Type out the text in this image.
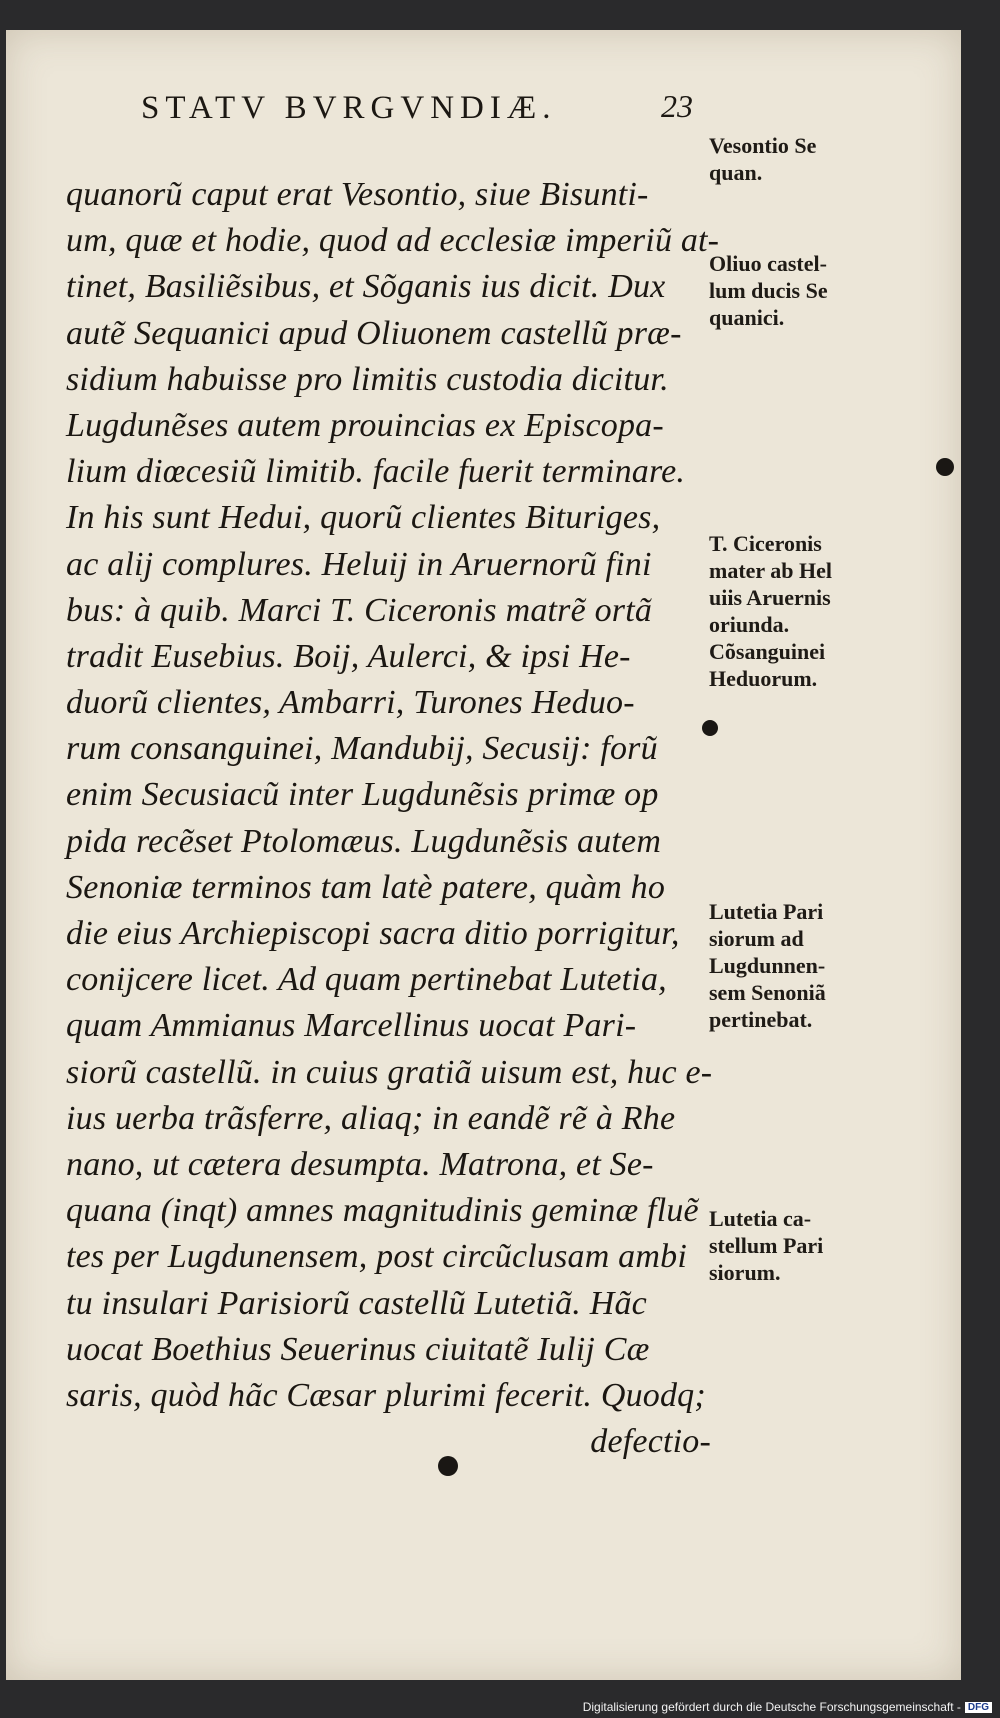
STATV BVRGVNDIÆ.	23
quanorũ caput erat Vesontio, siue Bisunti-
um, quæ et hodie, quod ad ecclesiæ imperiũ at-
tinet, Basiliẽsibus, et Sõganis ius dicit. Dux
autẽ Sequanici apud Oliuonem castellũ præ-
sidium habuisse pro limitis custodia dicitur.
Lugdunẽses autem prouincias ex Episcopa-
lium diœcesiũ limitib. facile fuerit terminare.
In his sunt Hedui, quorũ clientes Bituriges,
ac alij complures. Heluij in Aruernorũ fini
bus: à quib. Marci T. Ciceronis matrẽ ortã
tradit Eusebius. Boij, Aulerci, & ipsi He-
duorũ clientes, Ambarri, Turones Heduo-
rum consanguinei, Mandubij, Secusij: forũ
enim Secusiacũ inter Lugdunẽsis primæ op
pida recẽset Ptolomæus. Lugdunẽsis autem
Senoniæ terminos tam latè patere, quàm ho
die eius Archiepiscopi sacra ditio porrigitur,
conijcere licet. Ad quam pertinebat Lutetia,
quam Ammianus Marcellinus uocat Pari-
siorũ castellũ. in cuius gratiã uisum est, huc e-
ius uerba trãsferre, aliaq; in eandẽ rẽ à Rhe
nano, ut cætera desumpta. Matrona, et Se-
quana (inqt) amnes magnitudinis geminæ fluẽ
tes per Lugdunensem, post circũclusam ambi
tu insulari Parisiorũ castellũ Lutetiã. Hãc
uocat Boethius Seuerinus ciuitatẽ Iulij Cæ
saris, quòd hãc Cæsar plurimi fecerit. Quodq;
defectio-
Vesontio Se
quan.
Oliuo castel-
lum ducis Se
quanici.
T. Ciceronis
mater ab Hel
uiis Aruernis
oriunda.
Cõsanguinei
Heduorum.
Lutetia Pari
siorum ad
Lugdunnen-
sem Senoniã
pertinebat.
Lutetia ca-
stellum Pari
siorum.
Digitalisierung gefördert durch die Deutsche Forschungsgemeinschaft - DFG
